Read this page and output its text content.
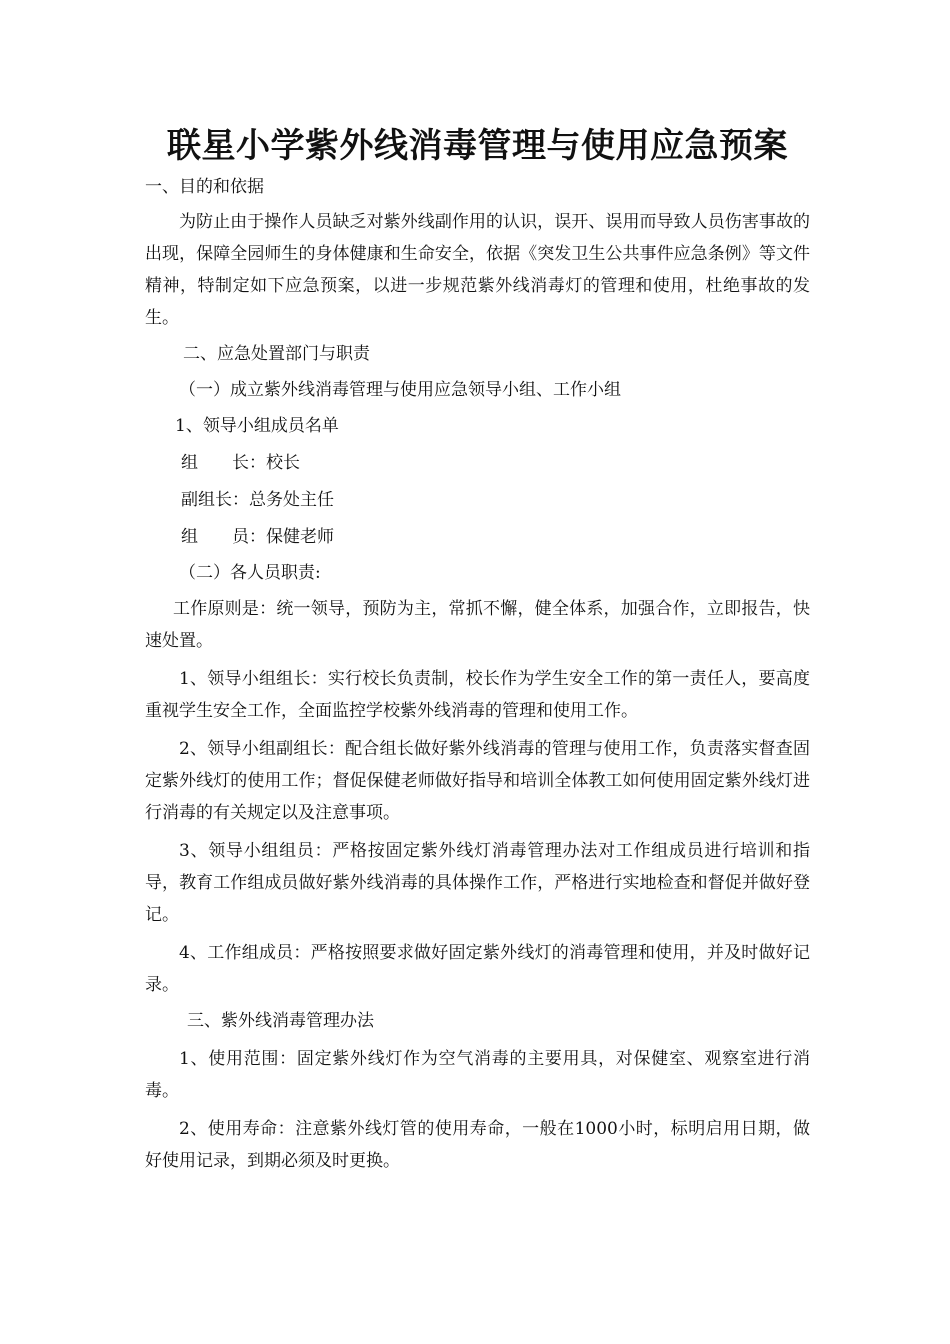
联星小学紫外线消毒管理与使用应急预案

一、目的和依据

为防止由于操作人员缺乏对紫外线副作用的认识，误开、误用而导致人员伤害事故的出现，保障全园师生的身体健康和生命安全，依据《突发卫生公共事件应急条例》等文件精神，特制定如下应急预案，以进一步规范紫外线消毒灯的管理和使用，杜绝事故的发生。

二、应急处置部门与职责

（一）成立紫外线消毒管理与使用应急领导小组、工作小组

1、领导小组成员名单

组　　长：校长

副组长：总务处主任

组　　员：保健老师

（二）各人员职责:

工作原则是：统一领导，预防为主，常抓不懈，健全体系，加强合作，立即报告，快速处置。

1、领导小组组长：实行校长负责制，校长作为学生安全工作的第一责任人，要高度重视学生安全工作，全面监控学校紫外线消毒的管理和使用工作。

2、领导小组副组长：配合组长做好紫外线消毒的管理与使用工作，负责落实督查固定紫外线灯的使用工作；督促保健老师做好指导和培训全体教工如何使用固定紫外线灯进行消毒的有关规定以及注意事项。

3、领导小组组员：严格按固定紫外线灯消毒管理办法对工作组成员进行培训和指导，教育工作组成员做好紫外线消毒的具体操作工作，严格进行实地检查和督促并做好登记。

4、工作组成员：严格按照要求做好固定紫外线灯的消毒管理和使用，并及时做好记录。

三、紫外线消毒管理办法

1、使用范围：固定紫外线灯作为空气消毒的主要用具，对保健室、观察室进行消毒。

2、使用寿命：注意紫外线灯管的使用寿命，一般在1000小时，标明启用日期，做好使用记录，到期必须及时更换。
